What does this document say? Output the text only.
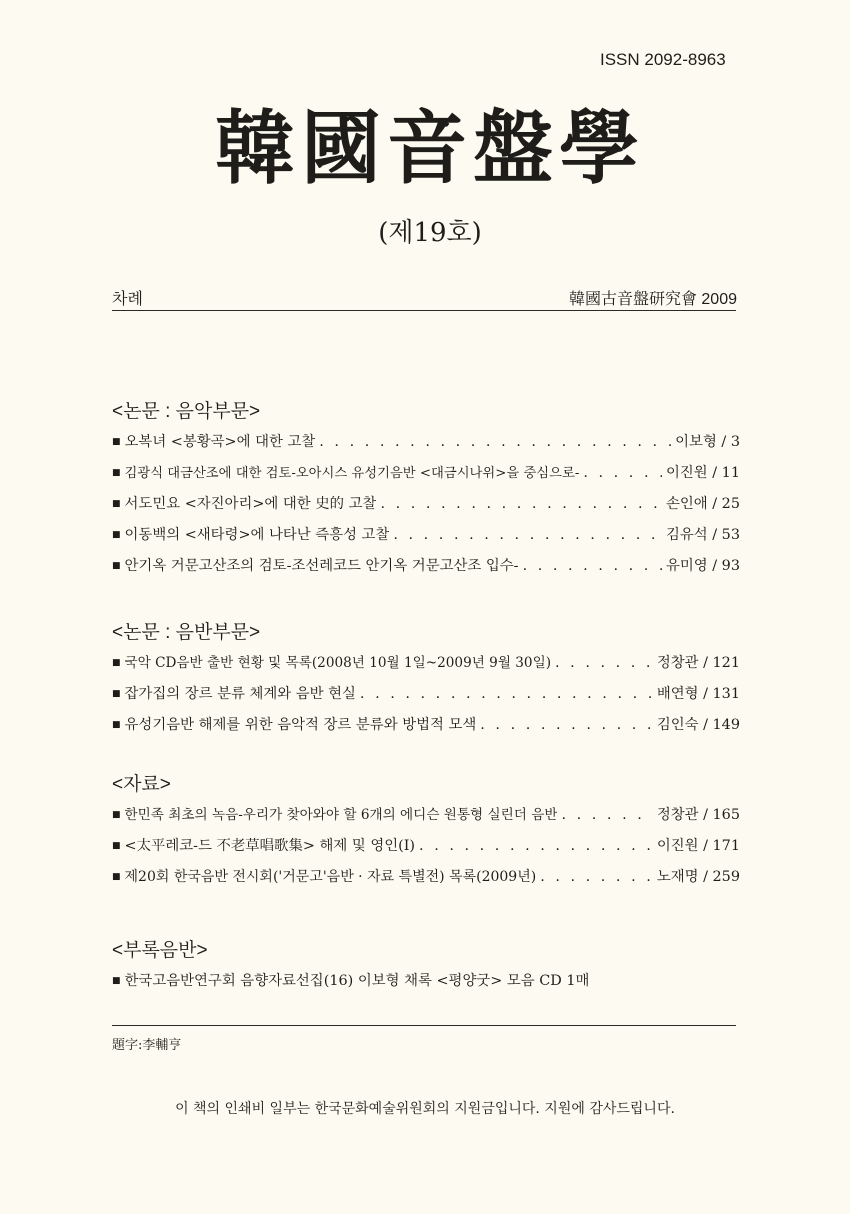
ISSN 2092-8963
韓國音盤學
(제19호)
차례	韓國古音盤研究會 2009
<논문 : 음악부문>
■ 오복녀 <봉황곡>에 대한 고찰 . . .	이보형 / 3
■ 김광식 대금산조에 대한 검토-오아시스 유성기음반 <대금시나위>을 중심으로- . . .	이진원 / 11
■ 서도민요 <자진아리>에 대한 史的 고찰 . . .	손인애 / 25
■ 이동백의 <새타령>에 나타난 즉흥성 고찰 . . .	김유석 / 53
■ 안기옥 거문고산조의 검토-조선레코드 안기옥 거문고산조 입수- . . .	유미영 / 93
<논문 : 음반부문>
■ 국악 CD음반 출반 현황 및 목록(2008년 10월 1일~2009년 9월 30일) . . .	정창관 / 121
■ 잡가집의 장르 분류 체계와 음반 현실 . . .	배연형 / 131
■ 유성기음반 해제를 위한 음악적 장르 분류와 방법적 모색 . . .	김인숙 / 149
<자료>
■ 한민족 최초의 녹음-우리가 찾아와야 할 6개의 에디슨 원통형 실린더 음반 . . .	정창관 / 165
■ <太平레코-드 不老草唱歌集> 해제 및 영인(Ⅰ) . . .	이진원 / 171
■ 제20회 한국음반 전시회('거문고'음반 · 자료 특별전) 목록(2009년) . . .	노재명 / 259
<부록음반>
■ 한국고음반연구회 음향자료선집(16) 이보형 채록 <평양굿> 모음 CD 1매
題字:李輔亨
이 책의 인쇄비 일부는 한국문화예술위원회의 지원금입니다. 지원에 감사드립니다.
